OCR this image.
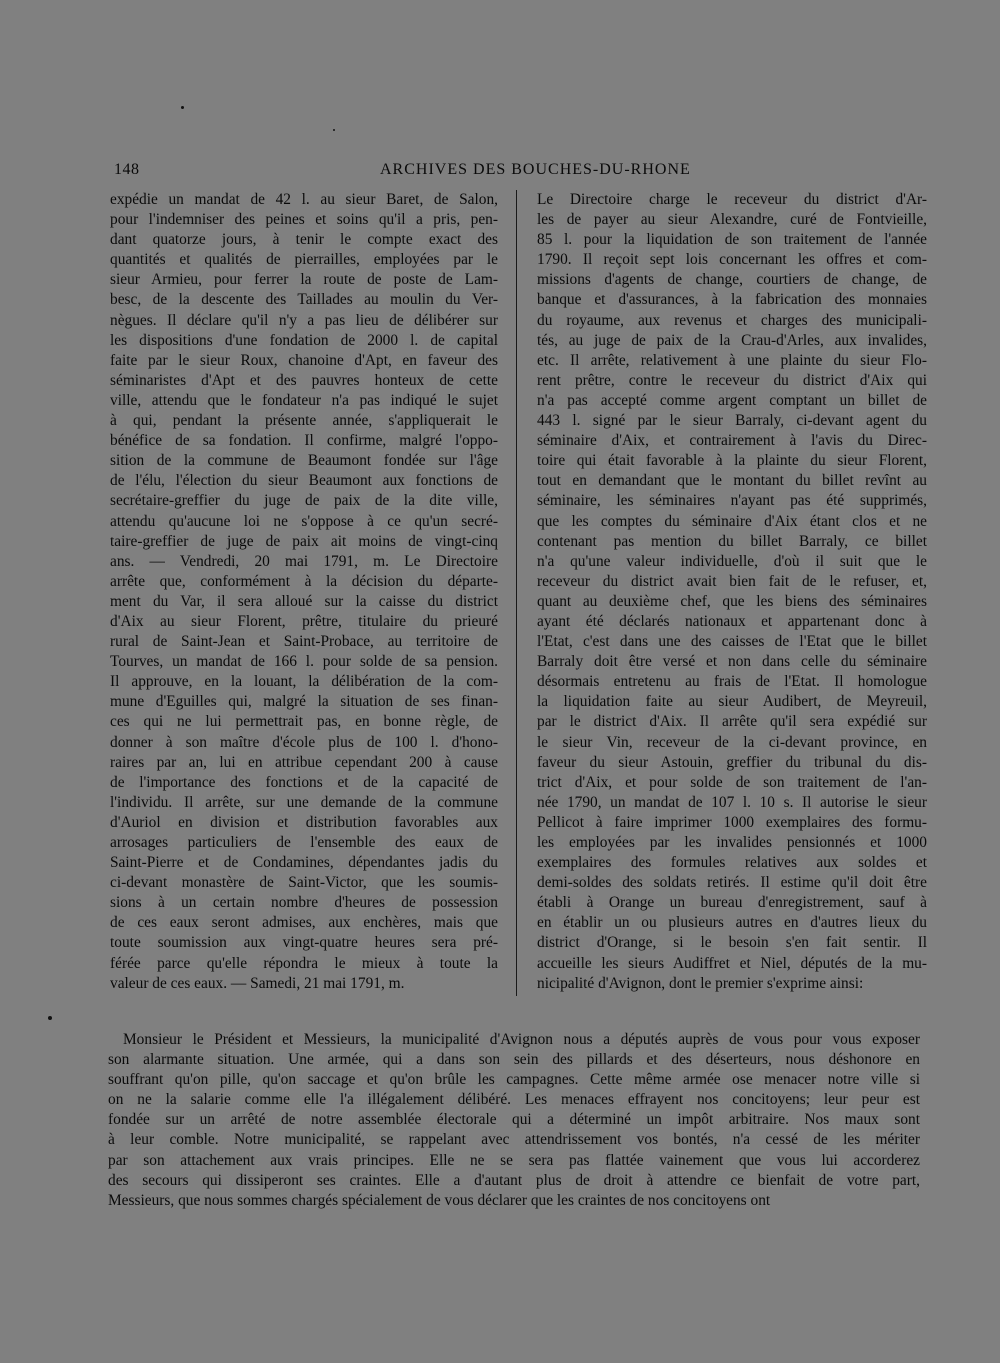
148	ARCHIVES DES BOUCHES-DU-RHONE
expédie un mandat de 42 l. au sieur Baret, de Salon,
pour l'indemniser des peines et soins qu'il a pris, pen-
dant quatorze jours, à tenir le compte exact des
quantités et qualités de pierrailles, employées par le
sieur Armieu, pour ferrer la route de poste de Lam-
besc, de la descente des Taillades au moulin du Ver-
nègues. Il déclare qu'il n'y a pas lieu de délibérer sur
les dispositions d'une fondation de 2000 l. de capital
faite par le sieur Roux, chanoine d'Apt, en faveur des
séminaristes d'Apt et des pauvres honteux de cette
ville, attendu que le fondateur n'a pas indiqué le sujet
à qui, pendant la présente année, s'appliquerait le
bénéfice de sa fondation. Il confirme, malgré l'oppo-
sition de la commune de Beaumont fondée sur l'âge
de l'élu, l'élection du sieur Beaumont aux fonctions de
secrétaire-greffier du juge de paix de la dite ville,
attendu qu'aucune loi ne s'oppose à ce qu'un secré-
taire-greffier de juge de paix ait moins de vingt-cinq
ans. — Vendredi, 20 mai 1791, m. Le Directoire
arrête que, conformément à la décision du départe-
ment du Var, il sera alloué sur la caisse du district
d'Aix au sieur Florent, prêtre, titulaire du prieuré
rural de Saint-Jean et Saint-Probace, au territoire de
Tourves, un mandat de 166 l. pour solde de sa pension.
Il approuve, en la louant, la délibération de la com-
mune d'Eguilles qui, malgré la situation de ses finan-
ces qui ne lui permettrait pas, en bonne règle, de
donner à son maître d'école plus de 100 l. d'hono-
raires par an, lui en attribue cependant 200 à cause
de l'importance des fonctions et de la capacité de
l'individu. Il arrête, sur une demande de la commune
d'Auriol en division et distribution favorables aux
arrosages particuliers de l'ensemble des eaux de
Saint-Pierre et de Condamines, dépendantes jadis du
ci-devant monastère de Saint-Victor, que les soumis-
sions à un certain nombre d'heures de possession
de ces eaux seront admises, aux enchères, mais que
toute soumission aux vingt-quatre heures sera pré-
férée parce qu'elle répondra le mieux à toute la
valeur de ces eaux. — Samedi, 21 mai 1791, m.
Le Directoire charge le receveur du district d'Ar-
les de payer au sieur Alexandre, curé de Fontvieille,
85 l. pour la liquidation de son traitement de l'année
1790. Il reçoit sept lois concernant les offres et com-
missions d'agents de change, courtiers de change, de
banque et d'assurances, à la fabrication des monnaies
du royaume, aux revenus et charges des municipali-
tés, au juge de paix de la Crau-d'Arles, aux invalides,
etc. Il arrête, relativement à une plainte du sieur Flo-
rent prêtre, contre le receveur du district d'Aix qui
n'a pas accepté comme argent comptant un billet de
443 l. signé par le sieur Barraly, ci-devant agent du
séminaire d'Aix, et contrairement à l'avis du Direc-
toire qui était favorable à la plainte du sieur Florent,
tout en demandant que le montant du billet revînt au
séminaire, les séminaires n'ayant pas été supprimés,
que les comptes du séminaire d'Aix étant clos et ne
contenant pas mention du billet Barraly, ce billet
n'a qu'une valeur individuelle, d'où il suit que le
receveur du district avait bien fait de le refuser, et,
quant au deuxième chef, que les biens des séminaires
ayant été déclarés nationaux et appartenant donc à
l'Etat, c'est dans une des caisses de l'Etat que le billet
Barraly doit être versé et non dans celle du séminaire
désormais entretenu au frais de l'Etat. Il homologue
la liquidation faite au sieur Audibert, de Meyreuil,
par le district d'Aix. Il arrête qu'il sera expédié sur
le sieur Vin, receveur de la ci-devant province, en
faveur du sieur Astouin, greffier du tribunal du dis-
trict d'Aix, et pour solde de son traitement de l'an-
née 1790, un mandat de 107 l. 10 s. Il autorise le sieur
Pellicot à faire imprimer 1000 exemplaires des formu-
les employées par les invalides pensionnés et 1000
exemplaires des formules relatives aux soldes et
demi-soldes des soldats retirés. Il estime qu'il doit être
établi à Orange un bureau d'enregistrement, sauf à
en établir un ou plusieurs autres en d'autres lieux du
district d'Orange, si le besoin s'en fait sentir. Il
accueille les sieurs Audiffret et Niel, députés de la mu-
nicipalité d'Avignon, dont le premier s'exprime ainsi:
Monsieur le Président et Messieurs, la municipalité d'Avignon nous a députés auprès de vous pour vous exposer
son alarmante situation. Une armée, qui a dans son sein des pillards et des déserteurs, nous déshonore en
souffrant qu'on pille, qu'on saccage et qu'on brûle les campagnes. Cette même armée ose menacer notre ville si
on ne la salarie comme elle l'a illégalement délibéré. Les menaces effrayent nos concitoyens; leur peur est
fondée sur un arrêté de notre assemblée électorale qui a déterminé un impôt arbitraire. Nos maux sont
à leur comble. Notre municipalité, se rappelant avec attendrissement vos bontés, n'a cessé de les mériter
par son attachement aux vrais principes. Elle ne se sera pas flattée vainement que vous lui accorderez
des secours qui dissiperont ses craintes. Elle a d'autant plus de droit à attendre ce bienfait de votre part,
Messieurs, que nous sommes chargés spécialement de vous déclarer que les craintes de nos concitoyens ont
